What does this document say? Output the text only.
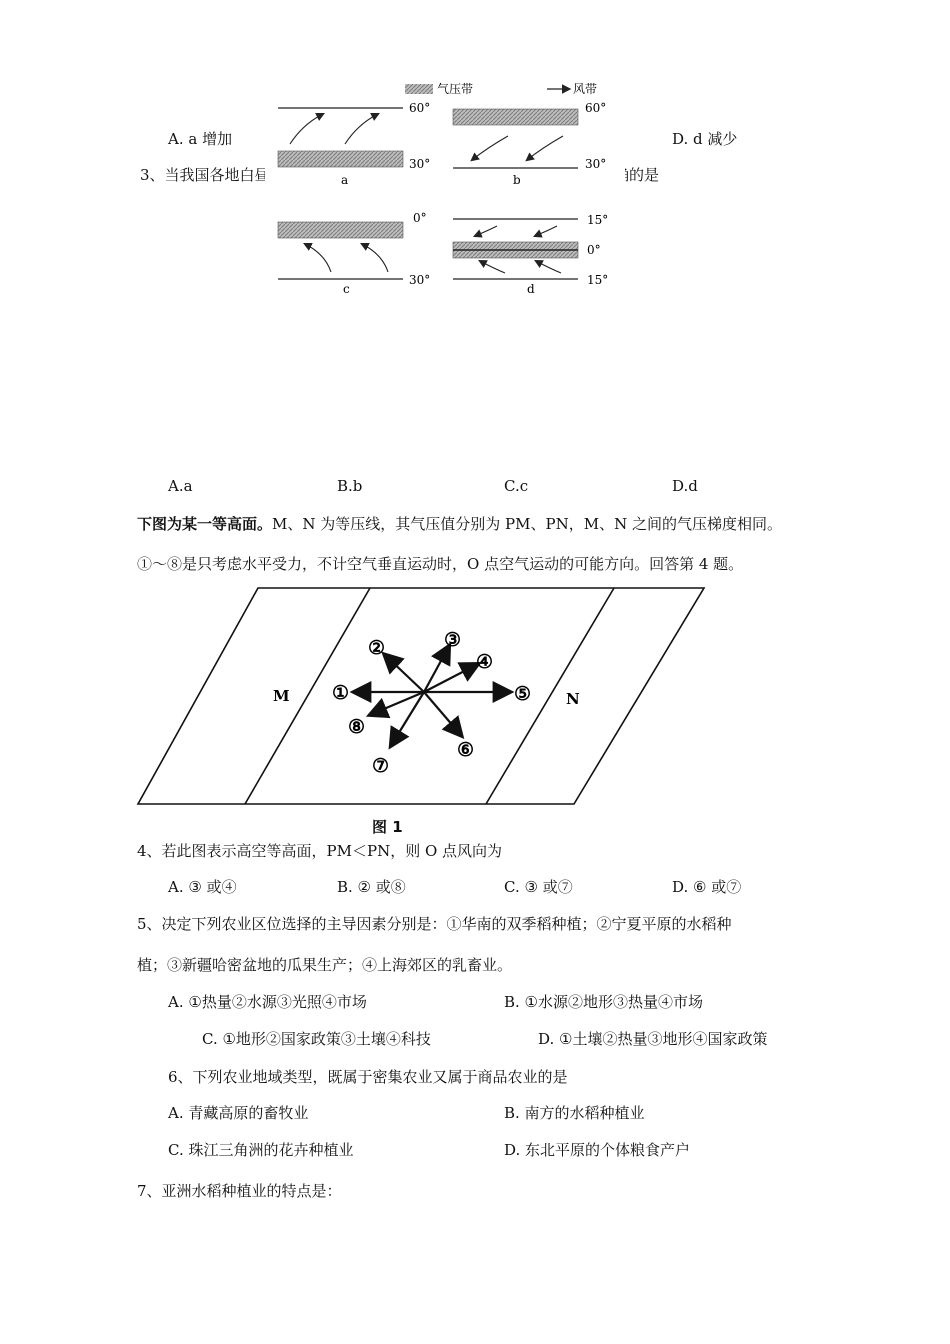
A. a 增加	D. d 减少
3、当我国各地白昼	确的是
气压带	风带
60°
30°
a
60°
30°
b
0°
30°
c
15°
0°
15°
d
A.a	B.b	C.c	D.d
下图为某一等高面。M、N 为等压线，其气压值分别为 PM、PN，M、N 之间的气压梯度相同。
①～⑧是只考虑水平受力，不计空气垂直运动时，O 点空气运动的可能方向。回答第 4 题。
M	N
①
②	③
④
⑤
⑥
⑦
⑧
图 1
4、若此图表示高空等高面，PM＜PN，则 O 点风向为
A. ③ 或④	B. ② 或⑧	C. ③ 或⑦	D. ⑥ 或⑦
5、决定下列农业区位选择的主导因素分别是：①华南的双季稻种植；②宁夏平原的水稻种
植；③新疆哈密盆地的瓜果生产；④上海郊区的乳畜业。
A. ①热量②水源③光照④市场	B. ①水源②地形③热量④市场
C. ①地形②国家政策③土壤④科技	D. ①土壤②热量③地形④国家政策
6、下列农业地域类型，既属于密集农业又属于商品农业的是
A. 青藏高原的畜牧业	B. 南方的水稻种植业
C. 珠江三角洲的花卉种植业	D. 东北平原的个体粮食产户
7、亚洲水稻种植业的特点是：
